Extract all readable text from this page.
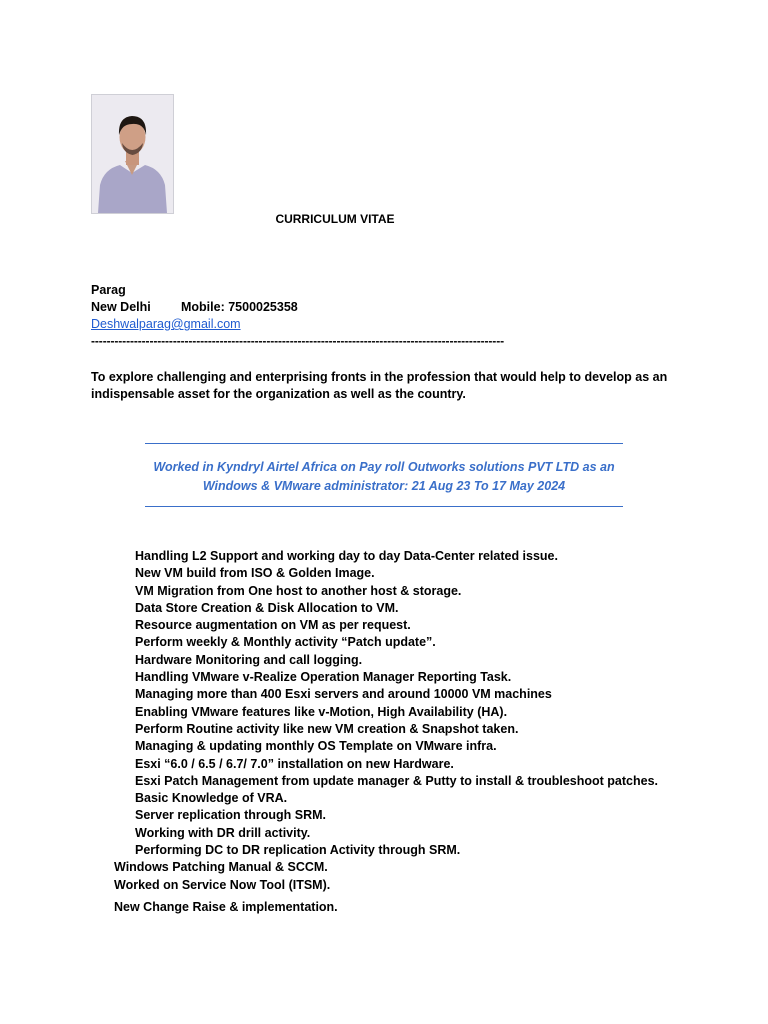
CURRICULUM VITAE
Parag
New Delhi Mobile: 7500025358
Deshwalparag@gmail.com
----------------------------------------------------------------------------------------------------------
To explore challenging and enterprising fronts in the profession that would help to develop as an indispensable asset for the organization as well as the country.
Worked in Kyndryl Airtel Africa on Pay roll Outworks solutions PVT LTD as an
Windows & VMware administrator: 21 Aug 23 To 17 May 2024
Handling L2 Support and working day to day Data-Center related issue.
New VM build from ISO & Golden Image.
VM Migration from One host to another host & storage.
Data Store Creation & Disk Allocation to VM.
Resource augmentation on VM as per request.
Perform weekly & Monthly activity “Patch update”.
Hardware Monitoring and call logging.
Handling VMware v-Realize Operation Manager Reporting Task.
Managing more than 400 Esxi servers and around 10000 VM machines
Enabling VMware features like v-Motion, High Availability (HA).
Perform Routine activity like new VM creation & Snapshot taken.
Managing & updating monthly OS Template on VMware infra.
Esxi “6.0 / 6.5 / 6.7/ 7.0” installation on new Hardware.
Esxi Patch Management from update manager & Putty to install & troubleshoot patches.
Basic Knowledge of VRA.
Server replication through SRM.
Working with DR drill activity.
Performing DC to DR replication Activity through SRM.
Windows Patching Manual & SCCM.
Worked on Service Now Tool (ITSM).
New Change Raise & implementation.
